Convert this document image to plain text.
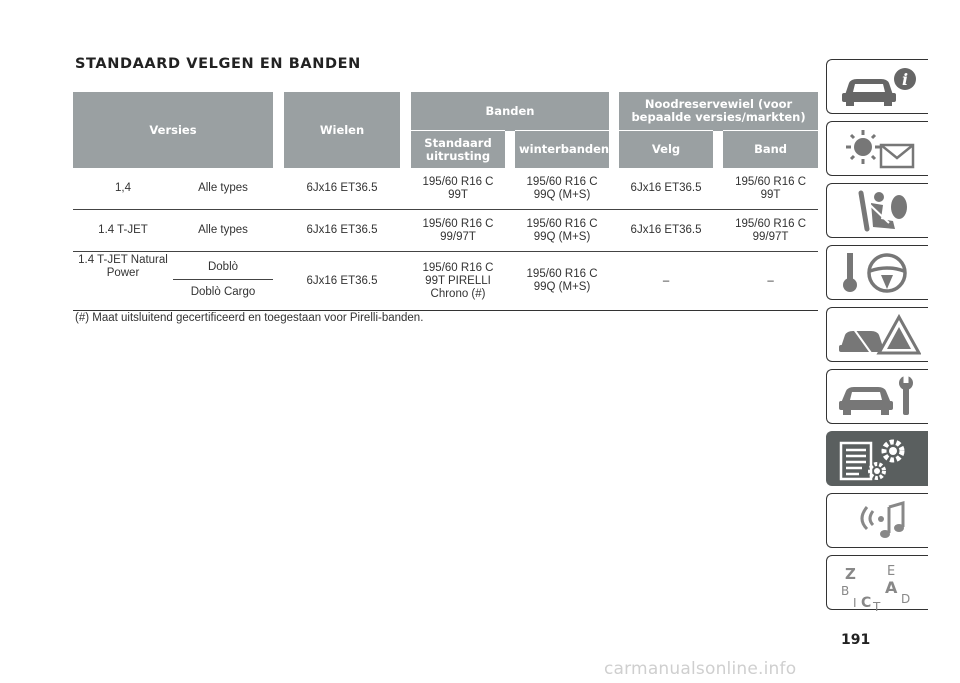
STANDAARD VELGEN EN BANDEN
Versies			Wielen		Banden				Noodreservewiel (voor bepaalde versies/markten)		
					Standaard uitrusting		winterbanden		Velg		Band
1,4	Alle types		6Jx16 ET36.5		195/60 R16 C 99T		195/60 R16 C 99Q (M+S)		6Jx16 ET36.5		195/60 R16 C 99T
1.4 T-JET	Alle types		6Jx16 ET36.5		195/60 R16 C 99/97T		195/60 R16 C 99Q (M+S)		6Jx16 ET36.5		195/60 R16 C 99/97T
1.4 T-JET Natural Power	Doblò		6Jx16 ET36.5		195/60 R16 C 99T PIRELLI Chrono (#)		195/60 R16 C 99Q (M+S)		–		–
	Doblò Cargo										
(#) Maat uitsluitend gecertificeerd en toegestaan voor Pirelli-banden.
i
Z E
A
B
C D
T
I
191
carmanualsonline.info
